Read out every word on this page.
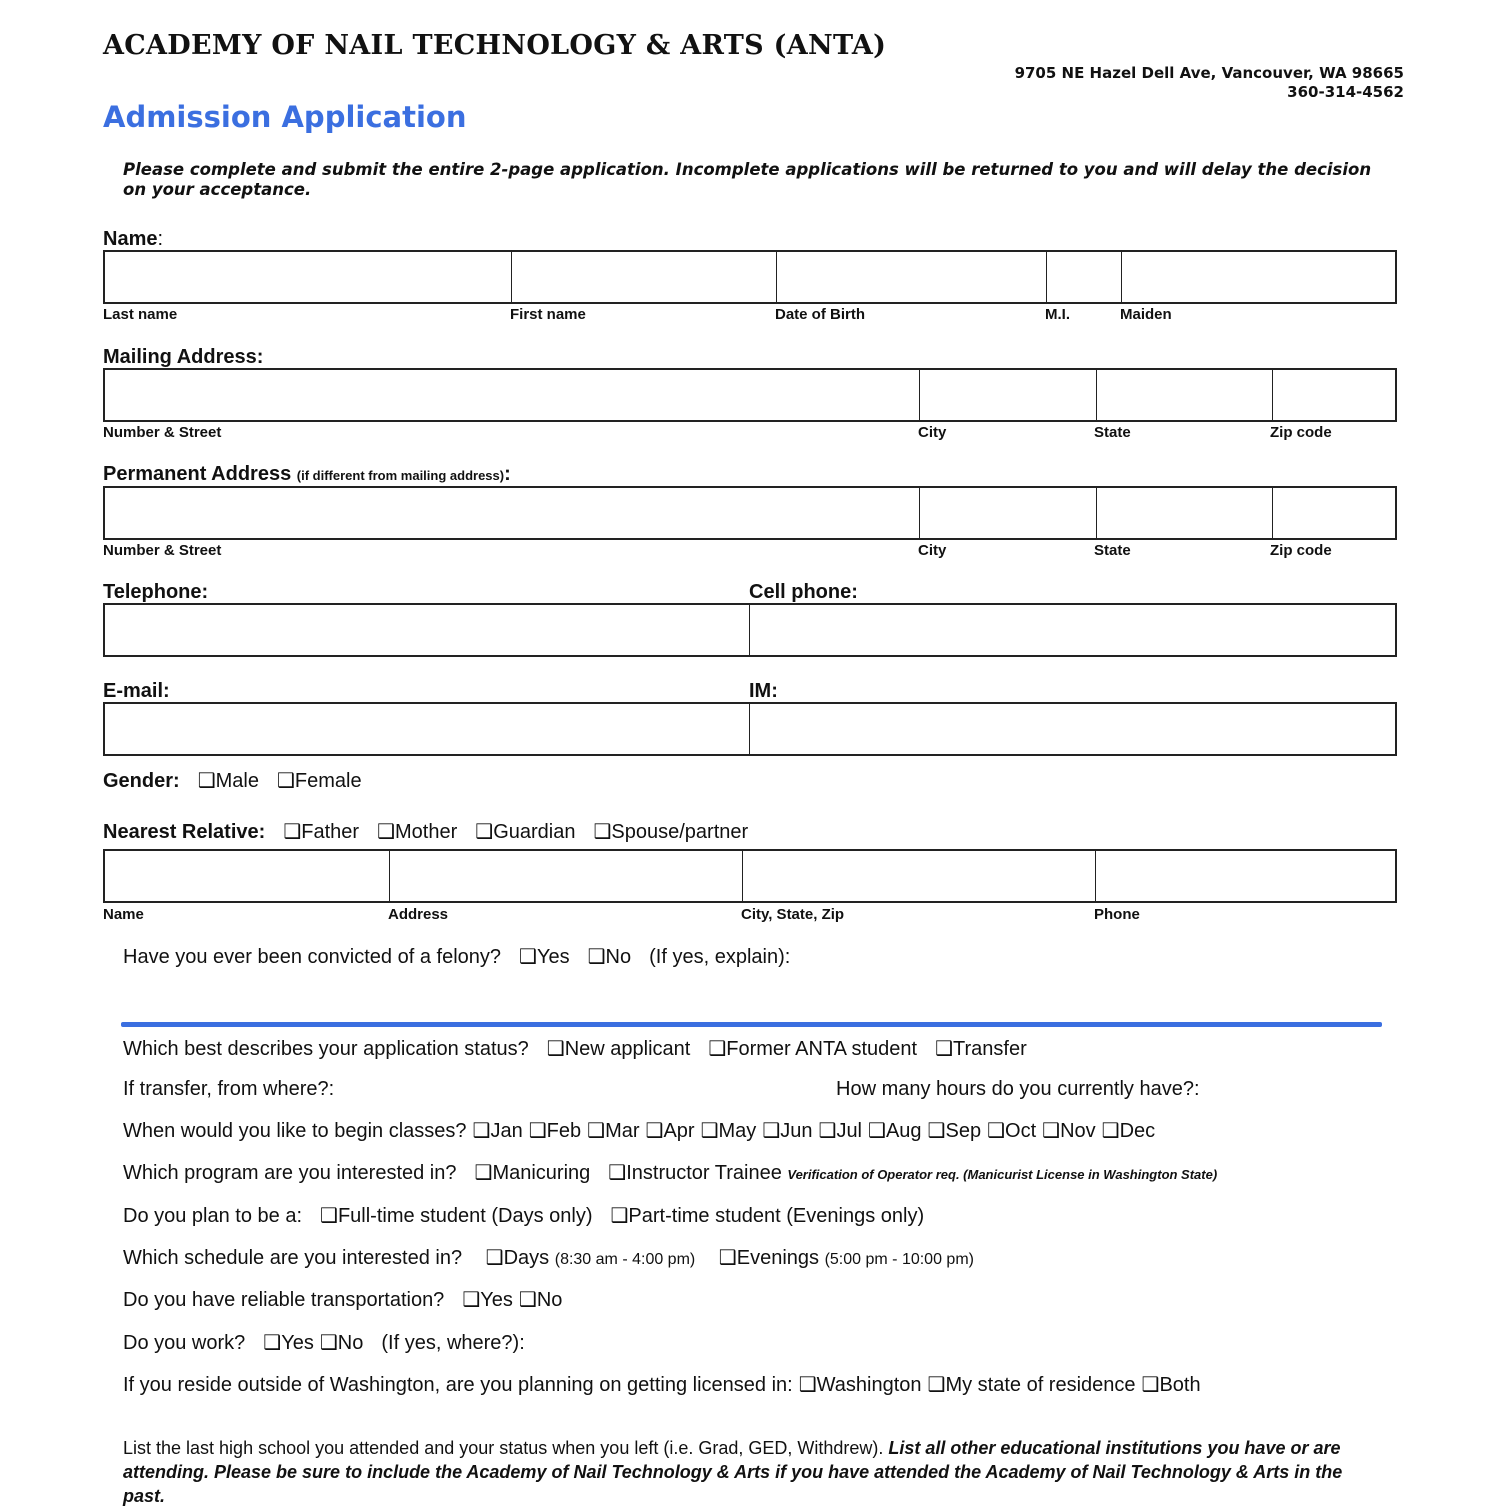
ACADEMY OF NAIL TECHNOLOGY & ARTS (ANTA)
9705 NE Hazel Dell Ave, Vancouver, WA 98665
360-314-4562
Admission Application
Please complete and submit the entire 2-page application. Incomplete applications will be returned to you and will delay the decision on your acceptance.
Name:
Last name	First name	Date of Birth	M.I.	Maiden
Mailing Address:
Number & Street	City	State	Zip code
Permanent Address (if different from mailing address):
Number & Street	City	State	Zip code
Telephone:	Cell phone:
E-mail:	IM:
Gender: ❑Male ❑Female
Nearest Relative: ❑Father ❑Mother ❑Guardian ❑Spouse/partner
Name	Address	City, State, Zip	Phone
Have you ever been convicted of a felony? ❑Yes ❑No (If yes, explain):
Which best describes your application status? ❑New applicant ❑Former ANTA student ❑Transfer
If transfer, from where?:	How many hours do you currently have?:
When would you like to begin classes? ❑Jan ❑Feb ❑Mar ❑Apr ❑May ❑Jun ❑Jul ❑Aug ❑Sep ❑Oct ❑Nov ❑Dec
Which program are you interested in? ❑Manicuring ❑Instructor Trainee Verification of Operator req. (Manicurist License in Washington State)
Do you plan to be a: ❑Full-time student (Days only) ❑Part-time student (Evenings only)
Which schedule are you interested in? ❑Days (8:30 am - 4:00 pm) ❑Evenings (5:00 pm - 10:00 pm)
Do you have reliable transportation? ❑Yes ❑No
Do you work? ❑Yes ❑No (If yes, where?):
If you reside outside of Washington, are you planning on getting licensed in: ❑Washington ❑My state of residence ❑Both
List the last high school you attended and your status when you left (i.e. Grad, GED, Withdrew). List all other educational institutions you have or are attending. Please be sure to include the Academy of Nail Technology & Arts if you have attended the Academy of Nail Technology & Arts in the past.
